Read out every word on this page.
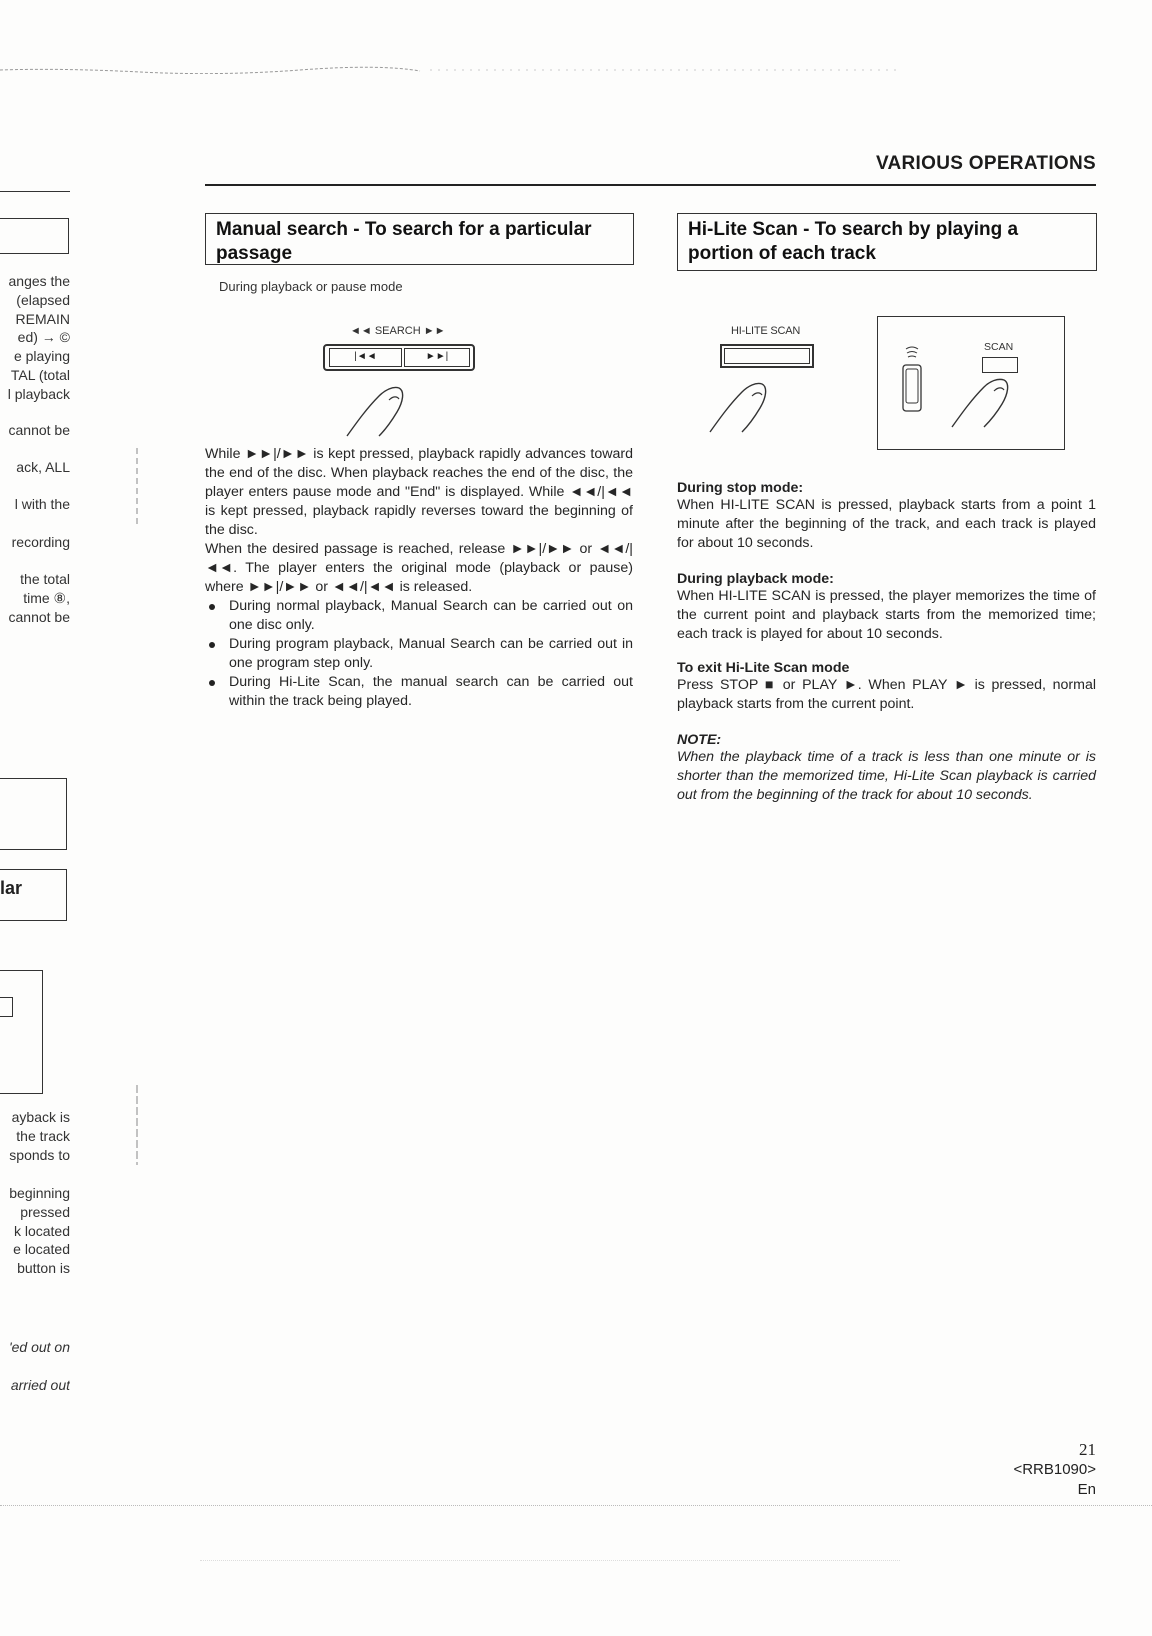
VARIOUS OPERATIONS
anges the
(elapsed
REMAIN
ed) → ©
e playing
TAL (total
l playback
cannot be
ack, ALL
l with the
recording
the total
time ⑧,
cannot be
lar
ayback is
the track
sponds to
beginning
pressed
k located
e located
button is
'ed out on
arried out
Manual search - To search for a particular passage
During playback or pause mode
◄◄ SEARCH ►►
|◄◄	►►|
While ►►|/►► is kept pressed, playback rapidly advances toward the end of the disc. When playback reaches the end of the disc, the player enters pause mode and "End" is displayed. While ◄◄/|◄◄ is kept pressed, playback rapidly reverses toward the beginning of the disc.
When the desired passage is reached, release ►►|/►► or ◄◄/|◄◄. The player enters the original mode (playback or pause) where ►►|/►► or ◄◄/|◄◄ is released.
During normal playback, Manual Search can be carried out on one disc only.
During program playback, Manual Search can be carried out in one program step only.
During Hi-Lite Scan, the manual search can be carried out within the track being played.
Hi-Lite Scan - To search by playing a portion of each track
HI-LITE SCAN
SCAN
During stop mode:
When HI-LITE SCAN is pressed, playback starts from a point 1 minute after the beginning of the track, and each track is played for about 10 seconds.
During playback mode:
When HI-LITE SCAN is pressed, the player memorizes the time of the current point and playback starts from the memorized time; each track is played for about 10 seconds.
To exit Hi-Lite Scan mode
Press STOP ■ or PLAY ►. When PLAY ► is pressed, normal playback starts from the current point.
NOTE:
When the playback time of a track is less than one minute or is shorter than the memorized time, Hi-Lite Scan playback is carried out from the beginning of the track for about 10 seconds.
21
<RRB1090>
En
